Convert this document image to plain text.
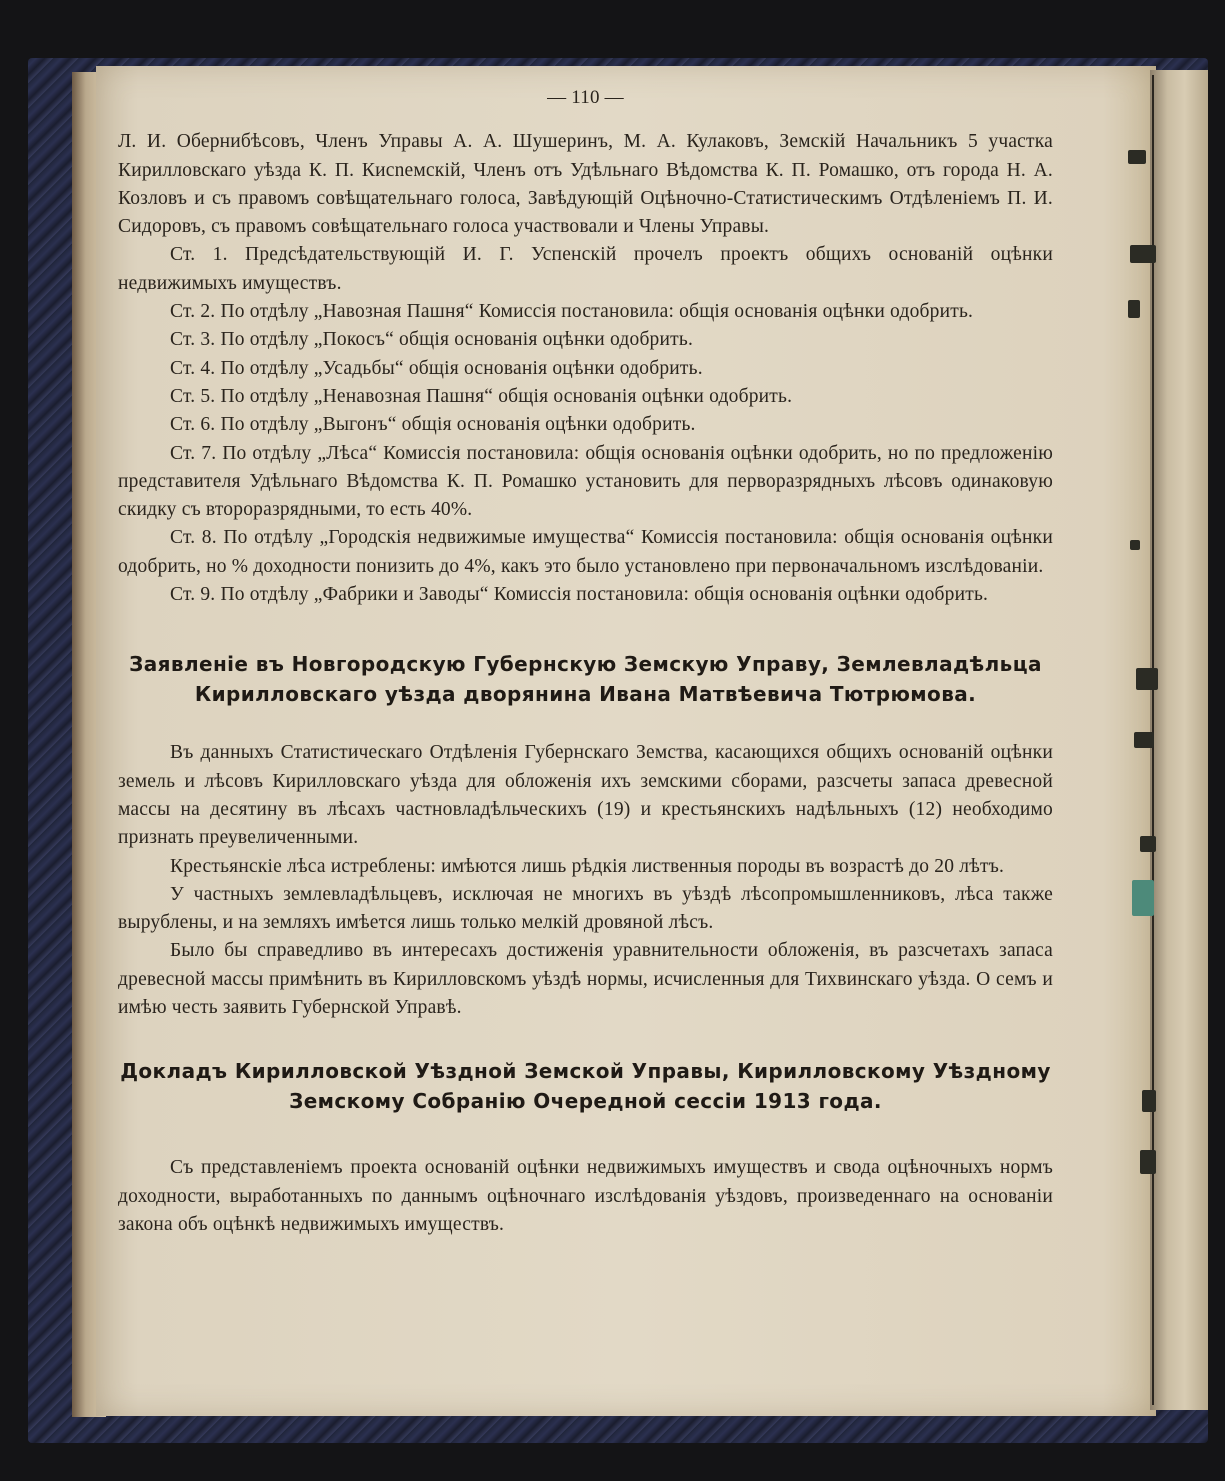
— 110 —

Л. И. Обернибѣсовъ, Членъ Управы А. А. Шушеринъ, М. А. Кулаковъ, Земскій Начальникъ 5 участка Кирилловскаго уѣзда К. П. Кисnемскій, Членъ отъ Удѣльнаго Вѣдомства К. П. Ромашко, отъ города Н. А. Козловъ и съ правомъ совѣщательнаго голоса, Завѣдующій Оцѣночно-Статистическимъ Отдѣленіемъ П. И. Сидоровъ, съ правомъ совѣщательнаго голоса участвовали и Члены Управы.

Ст. 1. Предсѣдательствующій И. Г. Успенскій прочелъ проектъ общихъ основаній оцѣнки недвижимыхъ имуществъ.

Ст. 2. По отдѣлу „Навозная Пашня“ Комиссія постановила: общія основанія оцѣнки одобрить.

Ст. 3. По отдѣлу „Покосъ“ общія основанія оцѣнки одобрить.

Ст. 4. По отдѣлу „Усадьбы“ общія основанія оцѣнки одобрить.

Ст. 5. По отдѣлу „Ненавозная Пашня“ общія основанія оцѣнки одобрить.

Ст. 6. По отдѣлу „Выгонъ“ общія основанія оцѣнки одобрить.

Ст. 7. По отдѣлу „Лѣса“ Комиссія постановила: общія основанія оцѣнки одобрить, но по предложенію представителя Удѣльнаго Вѣдомства К. П. Ромашко установить для перворазрядныхъ лѣсовъ одинаковую скидку съ второразрядными, то есть 40%.

Ст. 8. По отдѣлу „Городскія недвижимые имущества“ Комиссія постановила: общія основанія оцѣнки одобрить, но % доходности понизить до 4%, какъ это было установлено при первоначальномъ изслѣдованіи.

Ст. 9. По отдѣлу „Фабрики и Заводы“ Комиссія постановила: общія основанія оцѣнки одобрить.

Заявленіе въ Новгородскую Губернскую Земскую Управу, Землевладѣльца Кирилловскаго уѣзда дворянина Ивана Матвѣевича Тютрюмова.

Въ данныхъ Статистическаго Отдѣленія Губернскаго Земства, касающихся общихъ основаній оцѣнки земель и лѣсовъ Кирилловскаго уѣзда для обложенія ихъ земскими сборами, разсчеты запаса древесной массы на десятину въ лѣсахъ частновладѣльческихъ (19) и крестьянскихъ надѣльныхъ (12) необходимо признать преувеличенными.

Крестьянскіе лѣса истреблены: имѣются лишь рѣдкія лиственныя породы въ возрастѣ до 20 лѣтъ.

У частныхъ землевладѣльцевъ, исключая не многихъ въ уѣздѣ лѣсопромышленниковъ, лѣса также вырублены, и на земляхъ имѣется лишь только мелкій дровяной лѣсъ.

Было бы справедливо въ интересахъ достиженія уравнительности обложенія, въ разсчетахъ запаса древесной массы примѣнить въ Кирилловскомъ уѣздѣ нормы, исчисленныя для Тихвинскаго уѣзда. О семъ и имѣю честь заявить Губернской Управѣ.

Докладъ Кирилловской Уѣздной Земской Управы, Кирилловскому Уѣздному Земскому Собранію Очередной сессіи 1913 года.

Съ представленіемъ проекта основаній оцѣнки недвижимыхъ имуществъ и свода оцѣночныхъ нормъ доходности, выработанныхъ по даннымъ оцѣночнаго изслѣдованія уѣздовъ, произведеннаго на основаніи закона объ оцѣнкѣ недвижимыхъ имуществъ.
